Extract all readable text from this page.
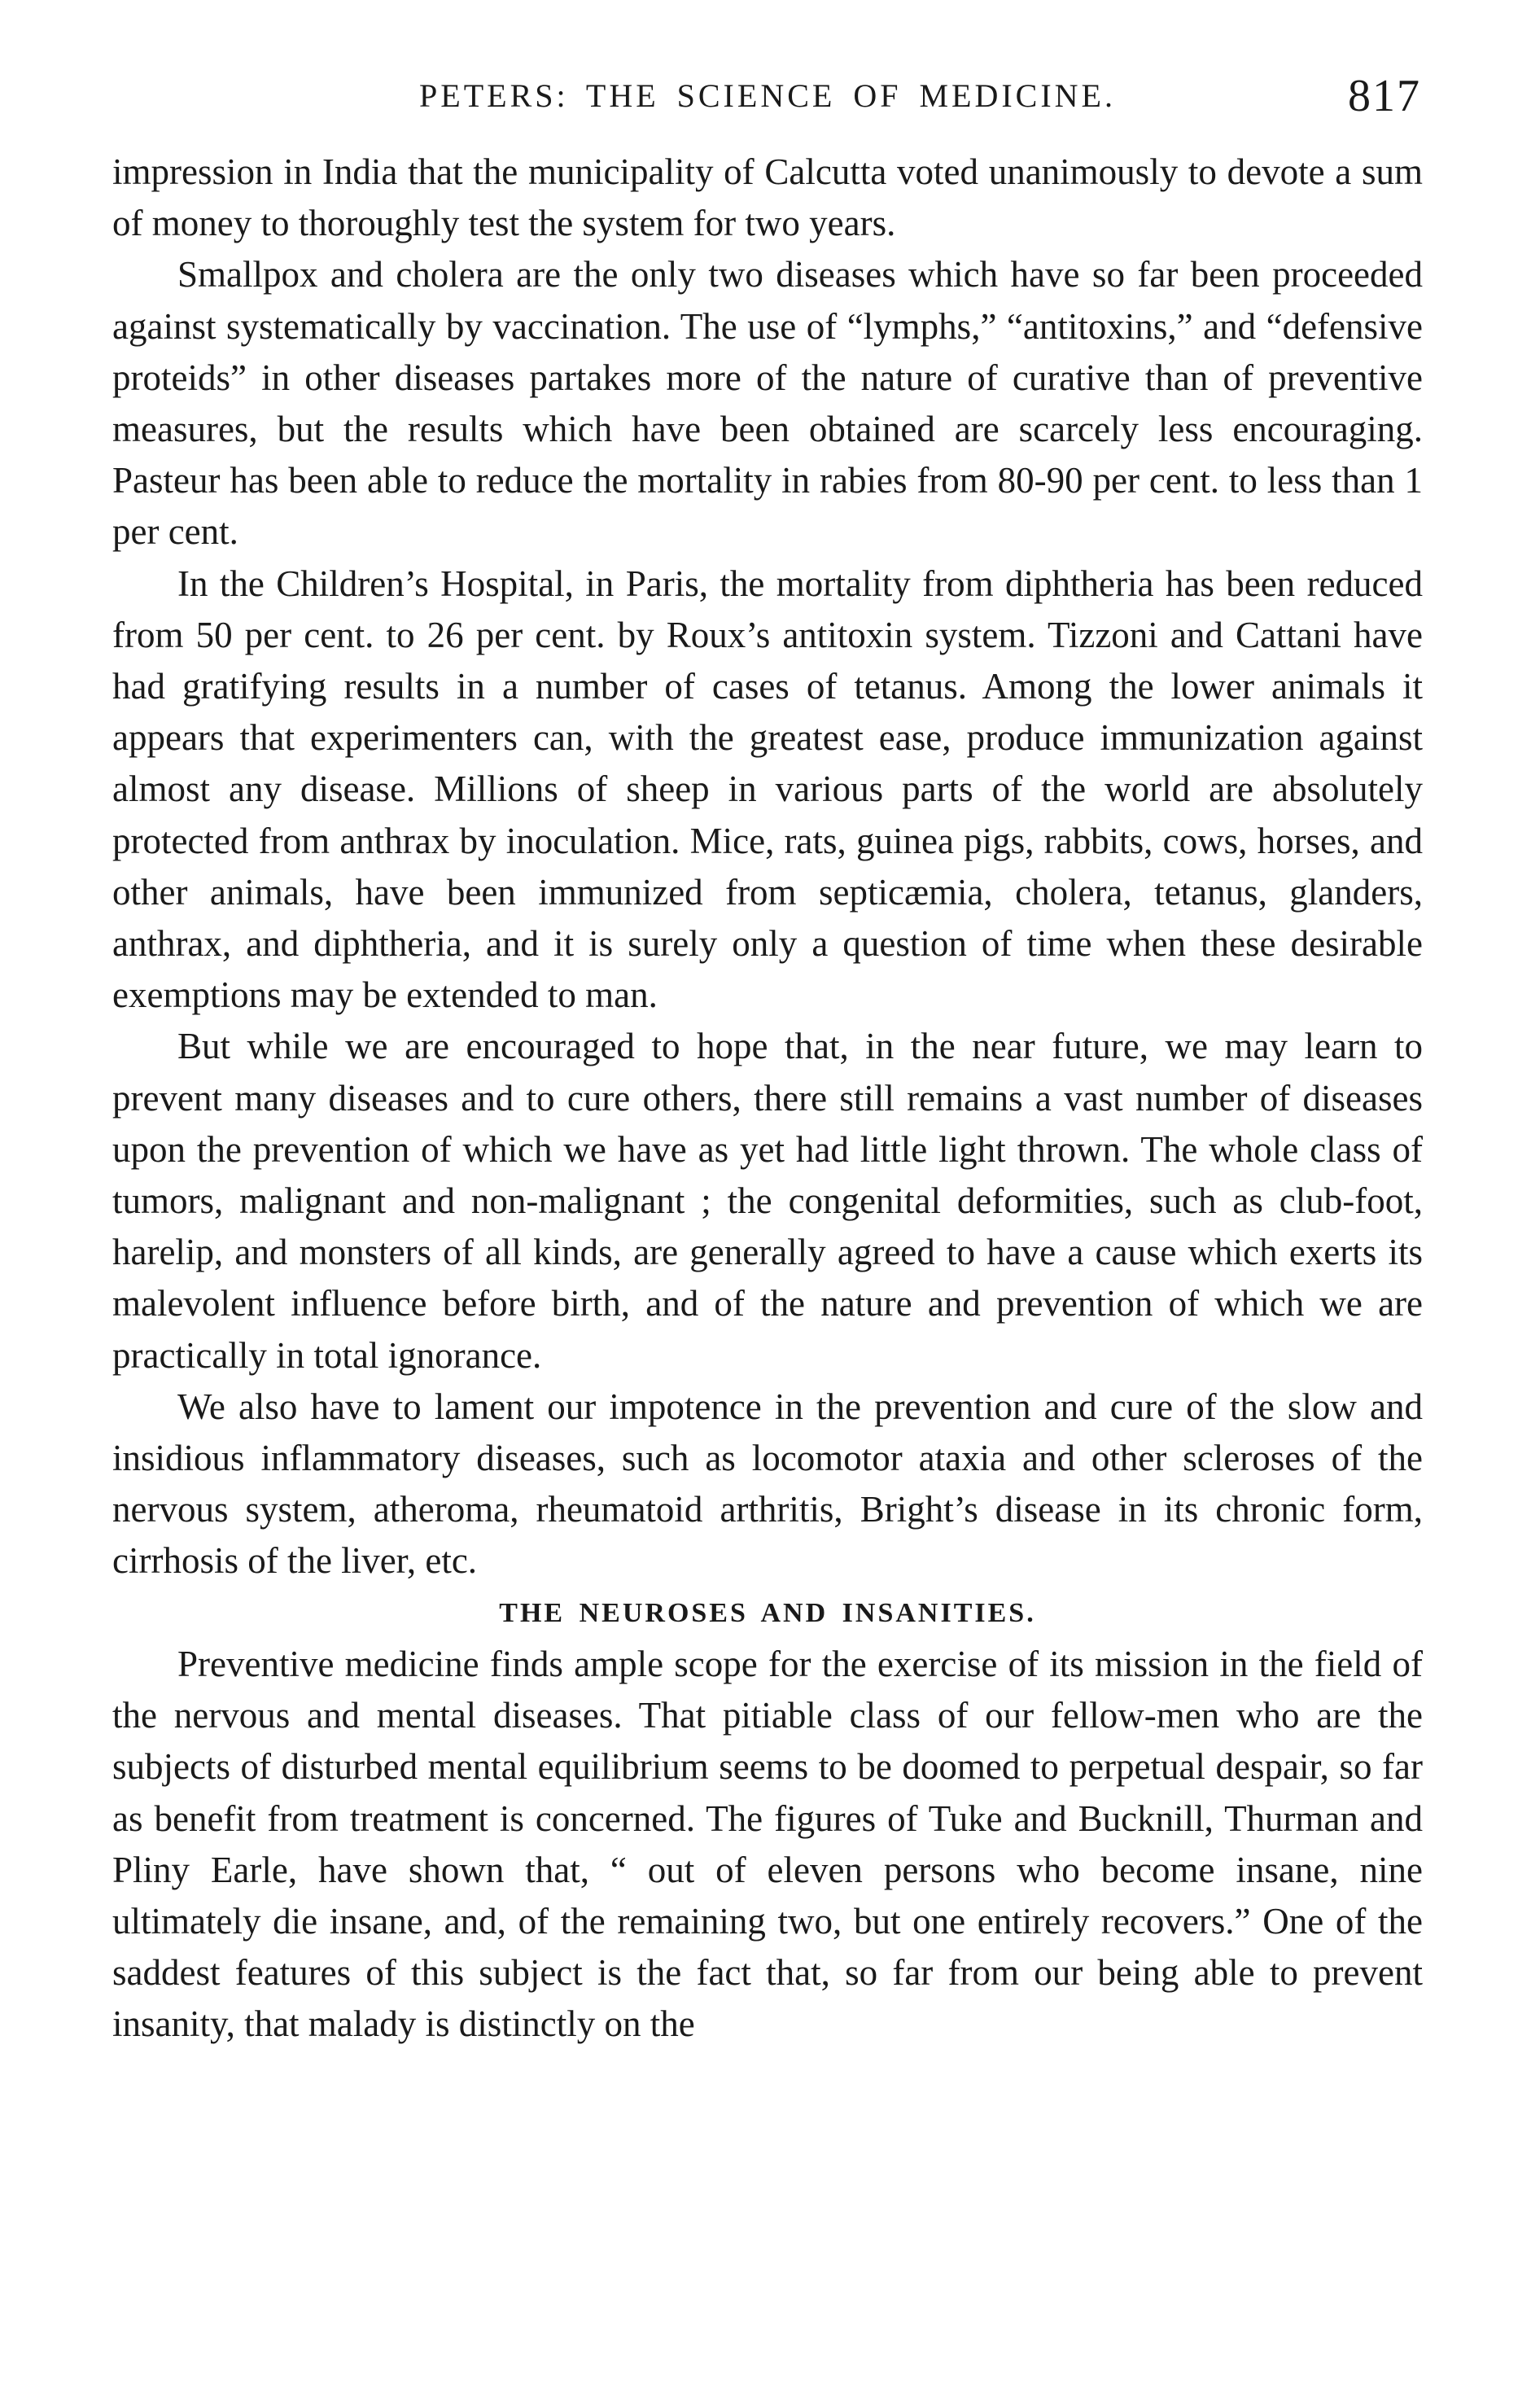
PETERS: THE SCIENCE OF MEDICINE.	817

impression in India that the municipality of Calcutta voted unanimously to devote a sum of money to thoroughly test the system for two years.

Smallpox and cholera are the only two diseases which have so far been proceeded against systematically by vaccination. The use of “lymphs,” “antitoxins,” and “defensive proteids” in other diseases partakes more of the nature of curative than of preventive measures, but the results which have been obtained are scarcely less encouraging. Pasteur has been able to reduce the mortality in rabies from 80-90 per cent. to less than 1 per cent.

In the Children’s Hospital, in Paris, the mortality from diphtheria has been reduced from 50 per cent. to 26 per cent. by Roux’s antitoxin system. Tizzoni and Cattani have had gratifying results in a number of cases of tetanus. Among the lower animals it appears that experimenters can, with the greatest ease, produce immunization against almost any disease. Millions of sheep in various parts of the world are absolutely protected from anthrax by inoculation. Mice, rats, guinea pigs, rabbits, cows, horses, and other animals, have been immunized from septicæmia, cholera, tetanus, glanders, anthrax, and diphtheria, and it is surely only a question of time when these desirable exemptions may be extended to man.

But while we are encouraged to hope that, in the near future, we may learn to prevent many diseases and to cure others, there still remains a vast number of diseases upon the prevention of which we have as yet had little light thrown. The whole class of tumors, malignant and non-malignant ; the congenital deformities, such as club-foot, harelip, and monsters of all kinds, are generally agreed to have a cause which exerts its malevolent influence before birth, and of the nature and prevention of which we are practically in total ignorance.

We also have to lament our impotence in the prevention and cure of the slow and insidious inflammatory diseases, such as locomotor ataxia and other scleroses of the nervous system, atheroma, rheumatoid arthritis, Bright’s disease in its chronic form, cirrhosis of the liver, etc.

THE NEUROSES AND INSANITIES.

Preventive medicine finds ample scope for the exercise of its mission in the field of the nervous and mental diseases. That pitiable class of our fellow-men who are the subjects of disturbed mental equilibrium seems to be doomed to perpetual despair, so far as benefit from treatment is concerned. The figures of Tuke and Bucknill, Thurman and Pliny Earle, have shown that, “ out of eleven persons who become insane, nine ultimately die insane, and, of the remaining two, but one entirely recovers.” One of the saddest features of this subject is the fact that, so far from our being able to prevent insanity, that malady is distinctly on the
